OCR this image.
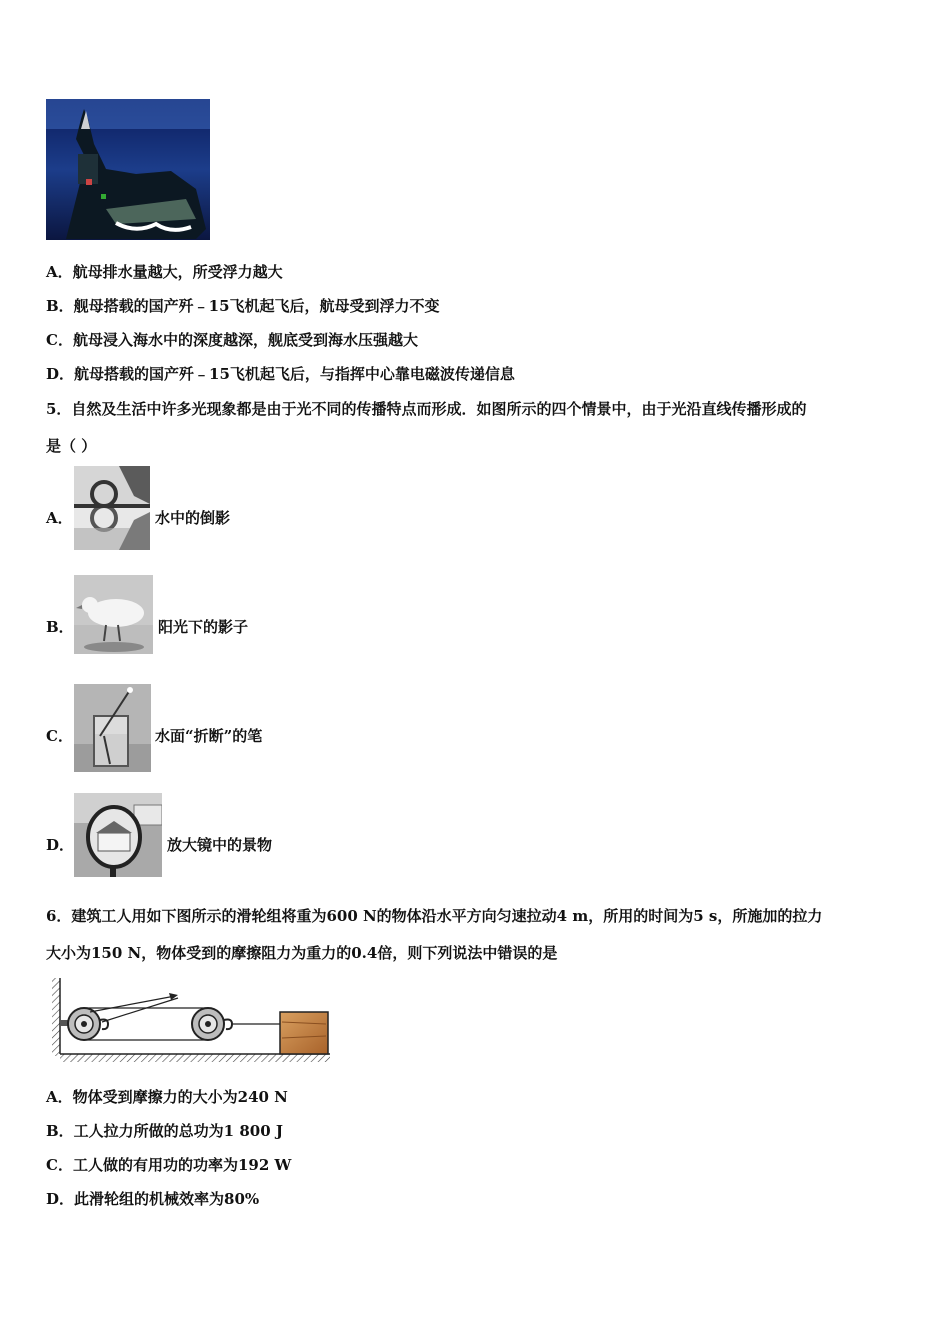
A．航母排水量越大，所受浮力越大
B．舰母搭载的国产歼﹣15飞机起飞后，航母受到浮力不变
C．航母浸入海水中的深度越深，舰底受到海水压强越大
D．航母搭载的国产歼﹣15飞机起飞后，与指挥中心靠电磁波传递信息
5．自然及生活中许多光现象都是由于光不同的传播特点而形成．如图所示的四个情景中，由于光沿直线传播形成的
是（ ）
A．	水中的倒影
B．	阳光下的影子
C．	水面“折断”的笔
D．	放大镜中的景物
6．建筑工人用如下图所示的滑轮组将重为600 N的物体沿水平方向匀速拉动4 m，所用的时间为5 s，所施加的拉力
大小为150 N，物体受到的摩擦阻力为重力的0.4倍，则下列说法中错误的是
A．物体受到摩擦力的大小为240 N
B．工人拉力所做的总功为1 800 J
C．工人做的有用功的功率为192 W
D．此滑轮组的机械效率为80%
